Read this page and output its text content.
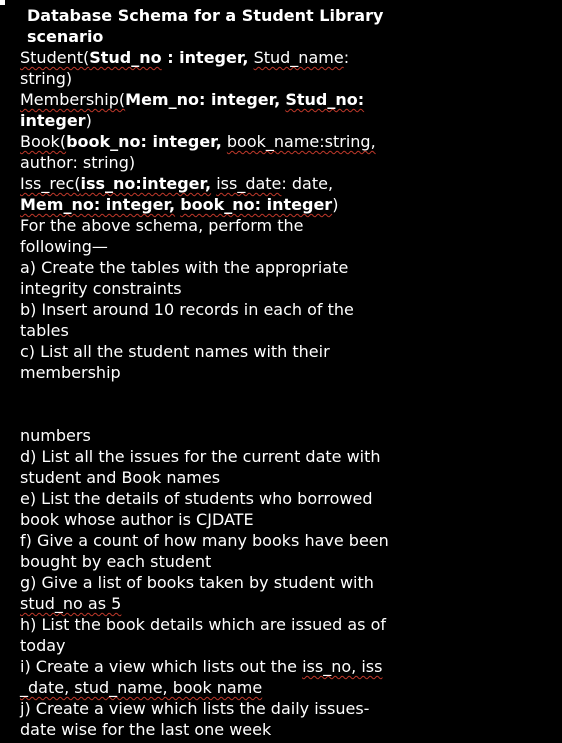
Database Schema for a Student Library
scenario

Student(Stud_no : integer, Stud_name:
string)

Membership(Mem_no: integer, Stud_no:
integer)

Book(book_no: integer, book_name:string,
author: string)

Iss_rec(iss_no:integer, iss_date: date,
Mem_no: integer, book_no: integer)

For the above schema, perform the
following—
a) Create the tables with the appropriate
integrity constraints
b) Insert around 10 records in each of the
tables
c) List all the student names with their
membership

numbers
d) List all the issues for the current date with
student and Book names
e) List the details of students who borrowed
book whose author is CJDATE
f) Give a count of how many books have been
bought by each student
g) Give a list of books taken by student with
stud_no as 5
h) List the book details which are issued as of
today
i) Create a view which lists out the iss_no, iss
_date, stud_name, book name
j) Create a view which lists the daily issues-
date wise for the last one week
